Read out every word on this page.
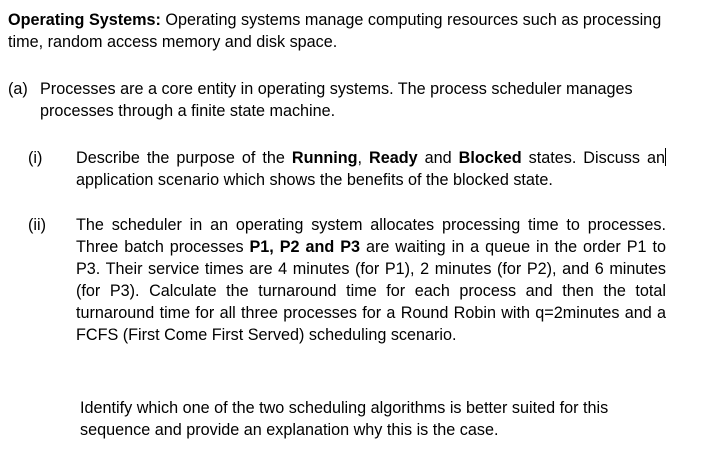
Operating Systems: Operating systems manage computing resources such as processing time, random access memory and disk space.
(a) Processes are a core entity in operating systems. The process scheduler manages processes through a finite state machine.
(i)	Describe the purpose of the Running, Ready and Blocked states. Discuss anapplication scenario which shows the benefits of the blocked state.
(ii)	The scheduler in an operating system allocates processing time to processes. Three batch processes P1, P2 and P3 are waiting in a queue in the order P1 to P3. Their service times are 4 minutes (for P1), 2 minutes (for P2), and 6 minutes (for P3). Calculate the turnaround time for each process and then the total turnaround time for all three processes for a Round Robin with q=2minutes and a FCFS (First Come First Served) scheduling scenario.
Identify which one of the two scheduling algorithms is better suited for this sequence and provide an explanation why this is the case.
